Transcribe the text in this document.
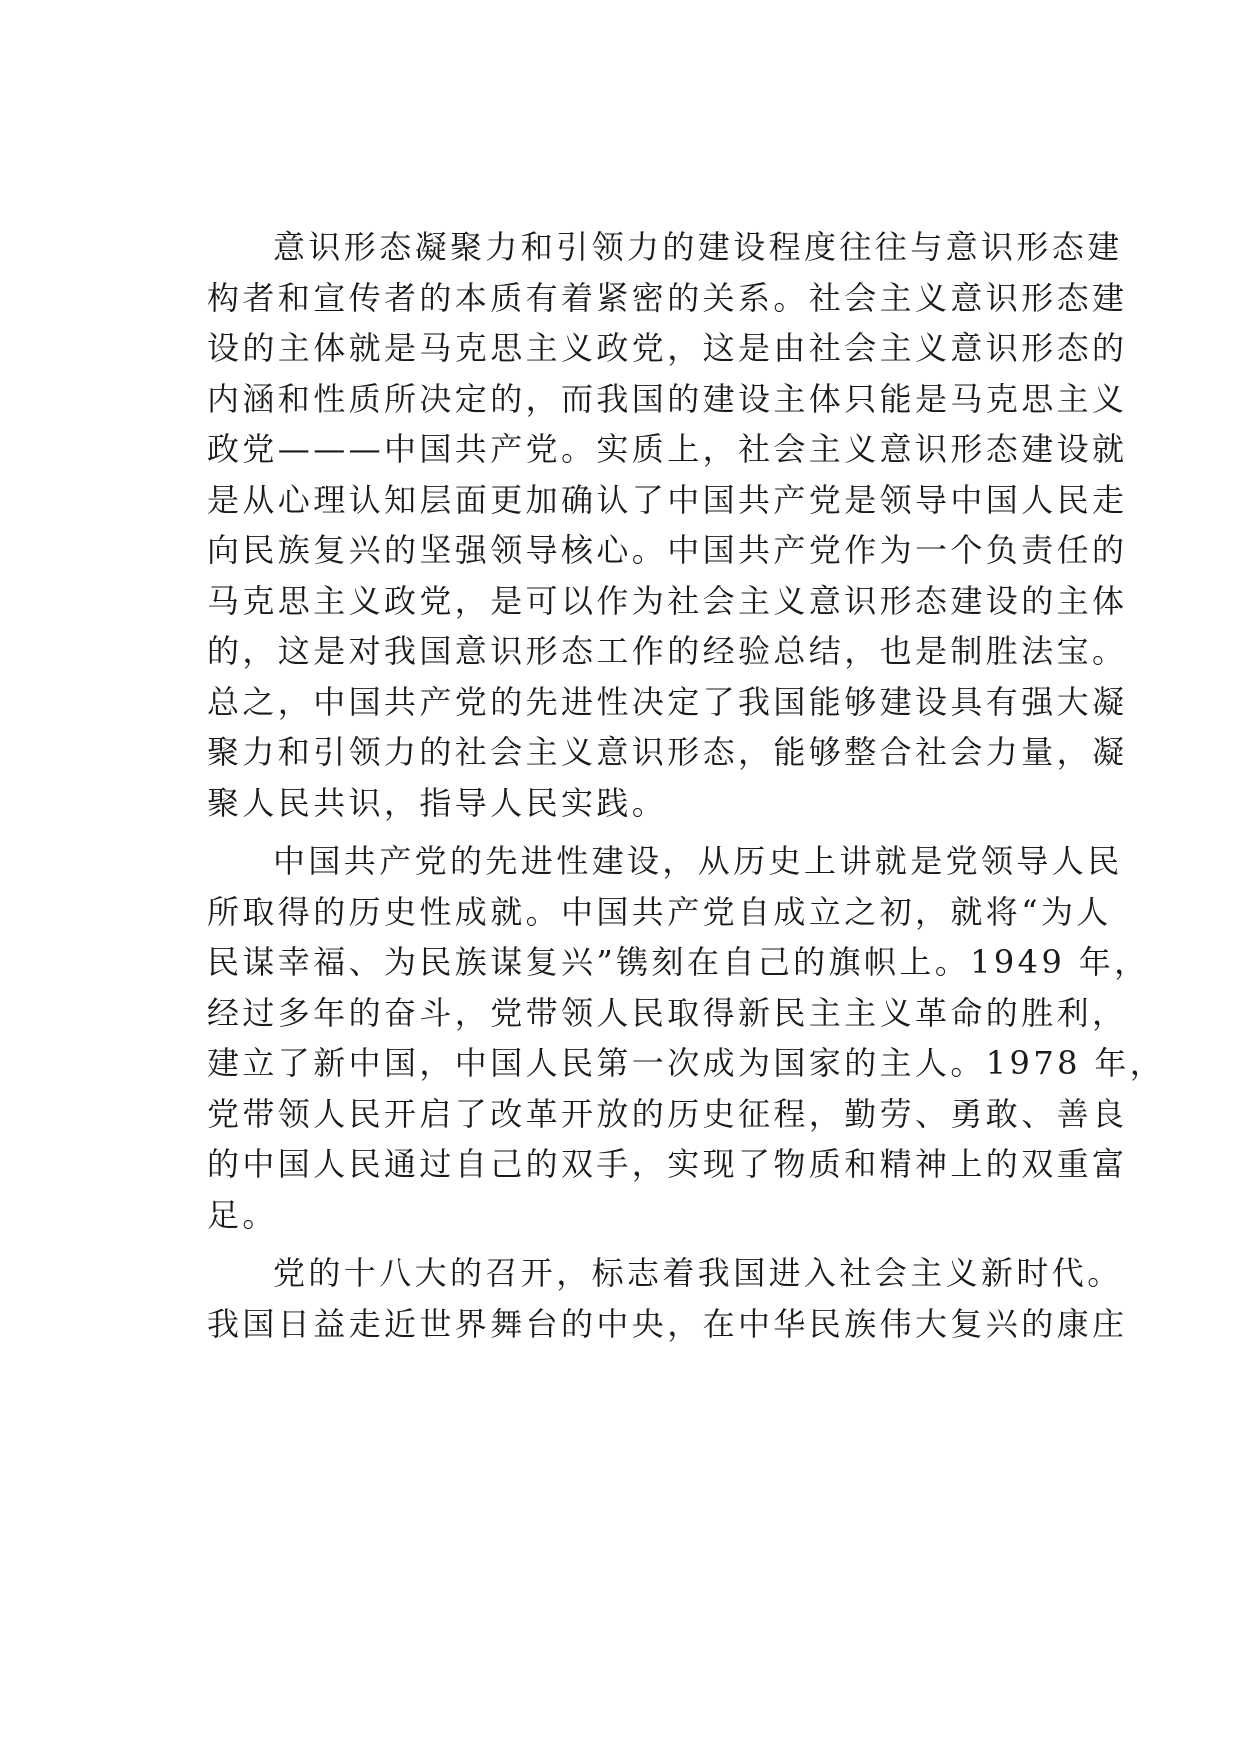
意识形态凝聚力和引领力的建设程度往往与意识形态建
构者和宣传者的本质有着紧密的关系。社会主义意识形态建
设的主体就是马克思主义政党，这是由社会主义意识形态的
内涵和性质所决定的，而我国的建设主体只能是马克思主义
政党———中国共产党。实质上，社会主义意识形态建设就
是从心理认知层面更加确认了中国共产党是领导中国人民走
向民族复兴的坚强领导核心。中国共产党作为一个负责任的
马克思主义政党，是可以作为社会主义意识形态建设的主体
的，这是对我国意识形态工作的经验总结，也是制胜法宝。
总之，中国共产党的先进性决定了我国能够建设具有强大凝
聚力和引领力的社会主义意识形态，能够整合社会力量，凝
聚人民共识，指导人民实践。
中国共产党的先进性建设，从历史上讲就是党领导人民
所取得的历史性成就。中国共产党自成立之初，就将“为人
民谋幸福、为民族谋复兴”镌刻在自己的旗帜上。1949 年，
经过多年的奋斗，党带领人民取得新民主主义革命的胜利，
建立了新中国，中国人民第一次成为国家的主人。1978 年，
党带领人民开启了改革开放的历史征程，勤劳、勇敢、善良
的中国人民通过自己的双手，实现了物质和精神上的双重富
足。
党的十八大的召开，标志着我国进入社会主义新时代。
我国日益走近世界舞台的中央，在中华民族伟大复兴的康庄
